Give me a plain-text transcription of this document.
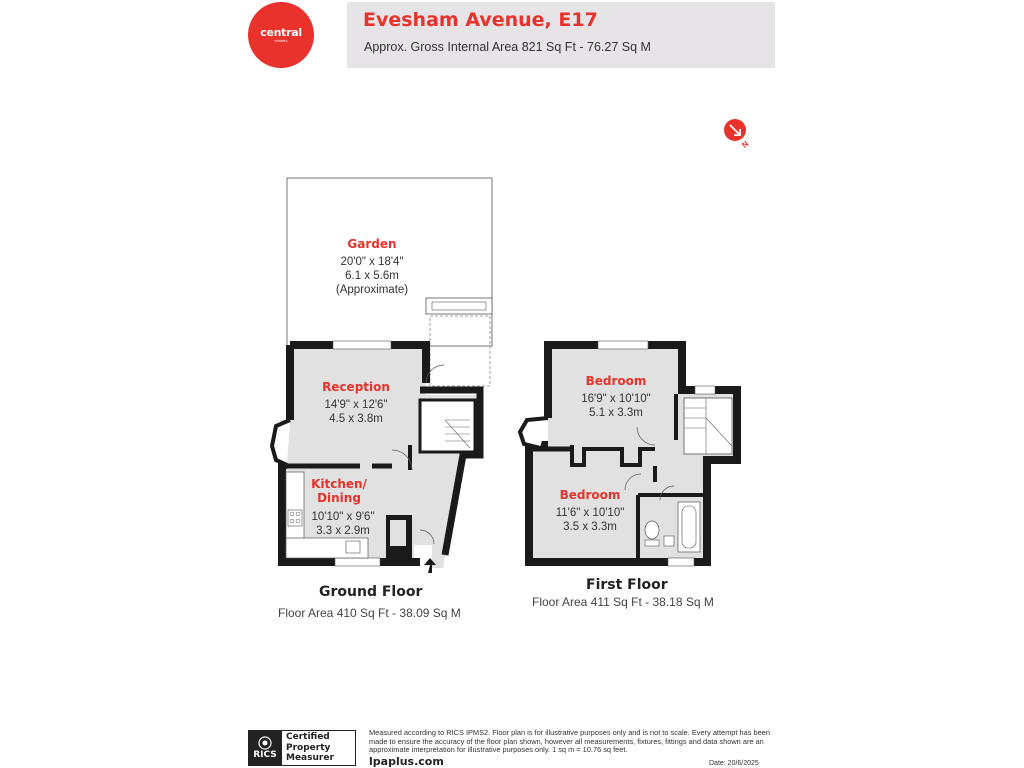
central
estates
Evesham Avenue, E17
Approx. Gross Internal Area 821 Sq Ft - 76.27 Sq M
N
Garden
20'0" x 18'4"
6.1 x 5.6m
(Approximate)
Reception
14'9" x 12'6"
4.5 x 3.8m
Kitchen/
Dining
10'10" x 9'6"
3.3 x 2.9m
Bedroom
16'9" x 10'10"
5.1 x 3.3m
Bedroom
11'6" x 10'10"
3.5 x 3.3m
Ground Floor
Floor Area 410 Sq Ft - 38.09 Sq M
First Floor
Floor Area 411 Sq Ft - 38.18 Sq M
RICS
Certified
Property
Measurer
Measured according to RICS IPMS2. Floor plan is for illustrative purposes only and is not to scale. Every attempt has been made to ensure the accuracy of the floor plan shown, however all measurements, fixtures, fittings and data shown are an approximate interpretation for illustrative purposes only. 1 sq m = 10.76 sq feet.
lpaplus.com	Date: 20/6/2025
